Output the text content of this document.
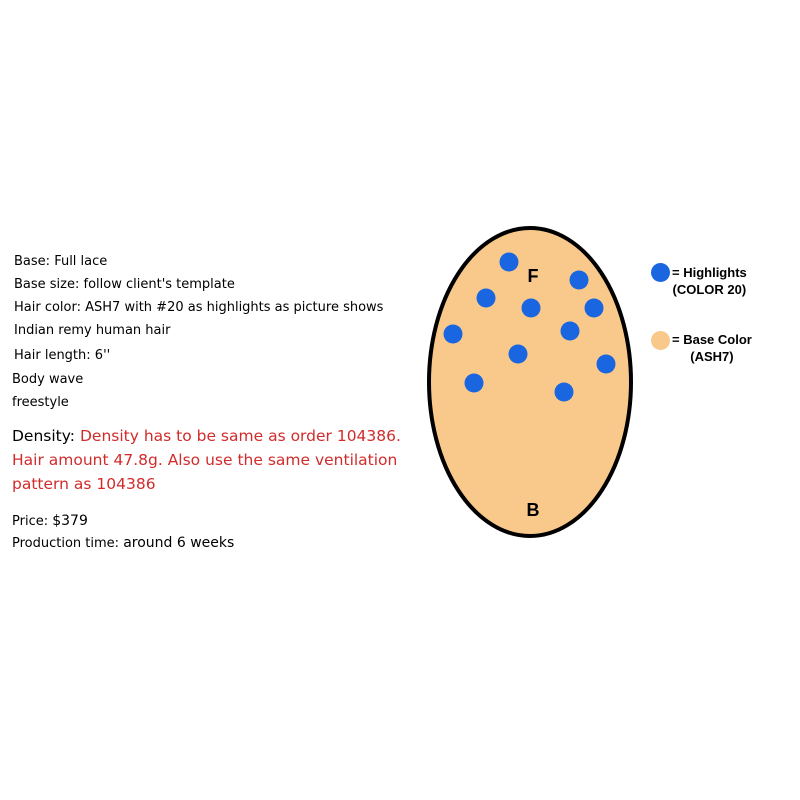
Base: Full lace
Base size: follow client's template
Hair color: ASH7 with #20 as highlights as picture shows
Indian remy human hair
Hair length: 6''
Body wave
freestyle
Density: Density has to be same as order 104386. Hair amount 47.8g. Also use the same ventilation pattern as 104386
Price: $379
Production time: around 6 weeks
F
B
= Highlights
(COLOR 20)
= Base Color
(ASH7)
